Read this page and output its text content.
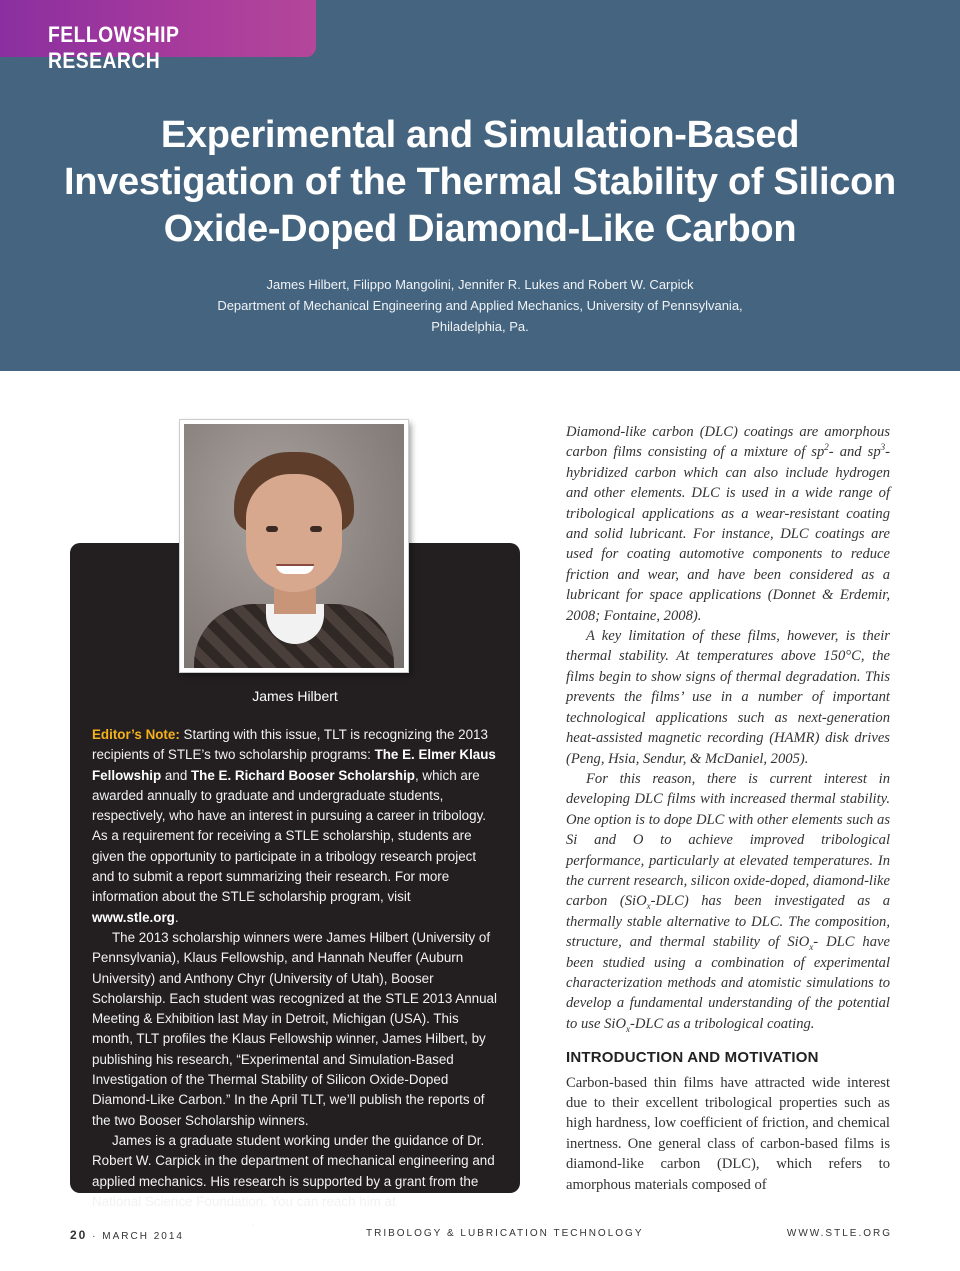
FELLOWSHIP RESEARCH
Experimental and Simulation-Based Investigation of the Thermal Stability of Silicon Oxide-Doped Diamond-Like Carbon
James Hilbert, Filippo Mangolini, Jennifer R. Lukes and Robert W. Carpick
Department of Mechanical Engineering and Applied Mechanics, University of Pennsylvania,
Philadelphia, Pa.
James Hilbert

Editor’s Note: Starting with this issue, TLT is recognizing the 2013 recipients of STLE’s two scholarship programs: The E. Elmer Klaus Fellowship and The E. Richard Booser Scholarship, which are awarded annually to graduate and undergraduate students, respectively, who have an interest in pursuing a career in tribology. As a requirement for receiving a STLE scholarship, students are given the opportunity to participate in a tribology research project and to submit a report summarizing their research. For more information about the STLE scholarship program, visit www.stle.org.

The 2013 scholarship winners were James Hilbert (University of Pennsylvania), Klaus Fellowship, and Hannah Neuffer (Auburn University) and Anthony Chyr (University of Utah), Booser Scholarship. Each student was recognized at the STLE 2013 Annual Meeting & Exhibition last May in Detroit, Michigan (USA). This month, TLT profiles the Klaus Fellowship winner, James Hilbert, by publishing his research, “Experimental and Simulation-Based Investigation of the Thermal Stability of Silicon Oxide-Doped Diamond-Like Carbon.” In the April TLT, we’ll publish the reports of the two Booser Scholarship winners.

James is a graduate student working under the guidance of Dr. Robert W. Carpick in the department of mechanical engineering and applied mechanics. His research is supported by a grant from the National Science Foundation. You can reach him at hilbertj@seas.upenn.edu.

Diamond-like carbon (DLC) coatings are amorphous carbon films consisting of a mixture of $sp^2-$ and $sp^3$-hybridized carbon which can also include hydrogen and other elements. DLC is used in a wide range of tribological applications as a wear-resistant coating and solid lubricant. For instance, DLC coatings are used for coating automotive components to reduce friction and wear, and have been considered as a lubricant for space applications (Donnet & Erdemir, 2008; Fontaine, 2008).

A key limitation of these films, however, is their thermal stability. At temperatures above 150°C, the films begin to show signs of thermal degradation. This prevents the films’ use in a number of important technological applications such as next-generation heat-assisted magnetic recording (HAMR) disk drives (Peng, Hsia, Sendur, & McDaniel, 2005).

For this reason, there is current interest in developing DLC films with increased thermal stability. One option is to dope DLC with other elements such as Si and O to achieve improved tribological performance, particularly at elevated temperatures. In the current research, silicon oxide-doped, diamond-like carbon (SiO$_x$-DLC) has been investigated as a thermally stable alternative to DLC. The composition, structure, and thermal stability of SiO$_x$- DLC have been studied using a combination of experimental characterization methods and atomistic simulations to develop a fundamental understanding of the potential to use SiO$_x$-DLC as a tribological coating.

INTRODUCTION AND MOTIVATION

Carbon-based thin films have attracted wide interest due to their excellent tribological properties such as high hardness, low coefficient of friction, and chemical inertness. One general class of carbon-based films is diamond-like carbon (DLC), which refers to amorphous materials composed of

20 · MARCH 2014	TRIBOLOGY & LUBRICATION TECHNOLOGY	WWW.STLE.ORG
